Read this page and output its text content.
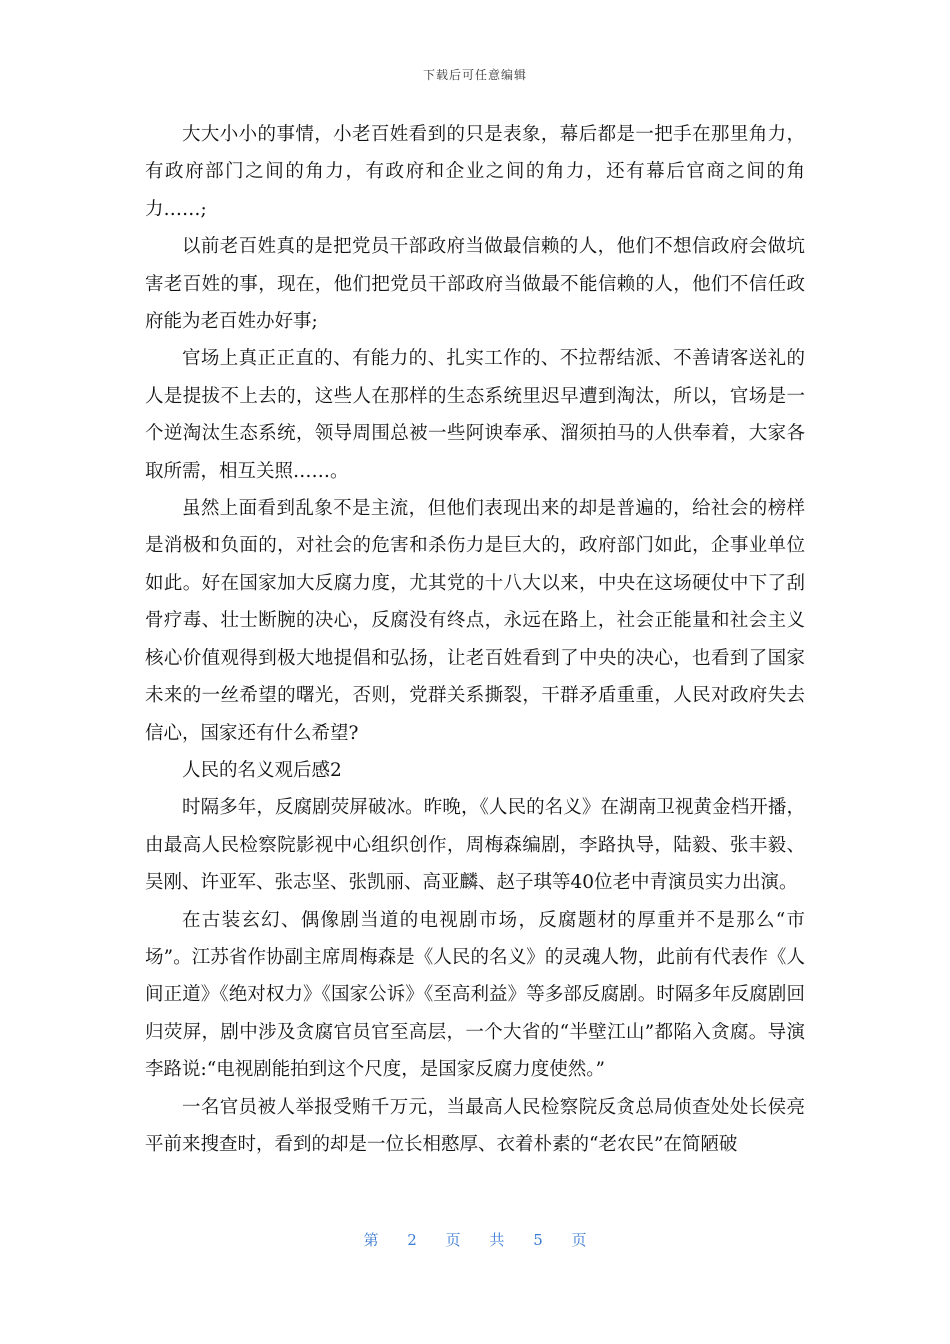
下载后可任意编辑

大大小小的事情，小老百姓看到的只是表象，幕后都是一把手在那里角力，有政府部门之间的角力，有政府和企业之间的角力，还有幕后官商之间的角力……;

以前老百姓真的是把党员干部政府当做最信赖的人，他们不想信政府会做坑害老百姓的事，现在，他们把党员干部政府当做最不能信赖的人，他们不信任政府能为老百姓办好事;

官场上真正正直的、有能力的、扎实工作的、不拉帮结派、不善请客送礼的人是提拔不上去的，这些人在那样的生态系统里迟早遭到淘汰，所以，官场是一个逆淘汰生态系统，领导周围总被一些阿谀奉承、溜须拍马的人供奉着，大家各取所需，相互关照……。

虽然上面看到乱象不是主流，但他们表现出来的却是普遍的，给社会的榜样是消极和负面的，对社会的危害和杀伤力是巨大的，政府部门如此，企事业单位如此。好在国家加大反腐力度，尤其党的十八大以来，中央在这场硬仗中下了刮骨疗毒、壮士断腕的决心，反腐没有终点，永远在路上，社会正能量和社会主义核心价值观得到极大地提倡和弘扬，让老百姓看到了中央的决心，也看到了国家未来的一丝希望的曙光，否则，党群关系撕裂，干群矛盾重重，人民对政府失去信心，国家还有什么希望?

人民的名义观后感2

时隔多年，反腐剧荧屏破冰。昨晚，《人民的名义》在湖南卫视黄金档开播，由最高人民检察院影视中心组织创作，周梅森编剧，李路执导，陆毅、张丰毅、吴刚、许亚军、张志坚、张凯丽、高亚麟、赵子琪等40位老中青演员实力出演。

在古装玄幻、偶像剧当道的电视剧市场，反腐题材的厚重并不是那么“市场”。江苏省作协副主席周梅森是《人民的名义》的灵魂人物，此前有代表作《人间正道》《绝对权力》《国家公诉》《至高利益》等多部反腐剧。时隔多年反腐剧回归荧屏，剧中涉及贪腐官员官至高层，一个大省的“半壁江山”都陷入贪腐。导演李路说:“电视剧能拍到这个尺度，是国家反腐力度使然。”

一名官员被人举报受贿千万元，当最高人民检察院反贪总局侦查处处长侯亮平前来搜查时，看到的却是一位长相憨厚、衣着朴素的“老农民”在简陋破

第 2 页 共 5 页
